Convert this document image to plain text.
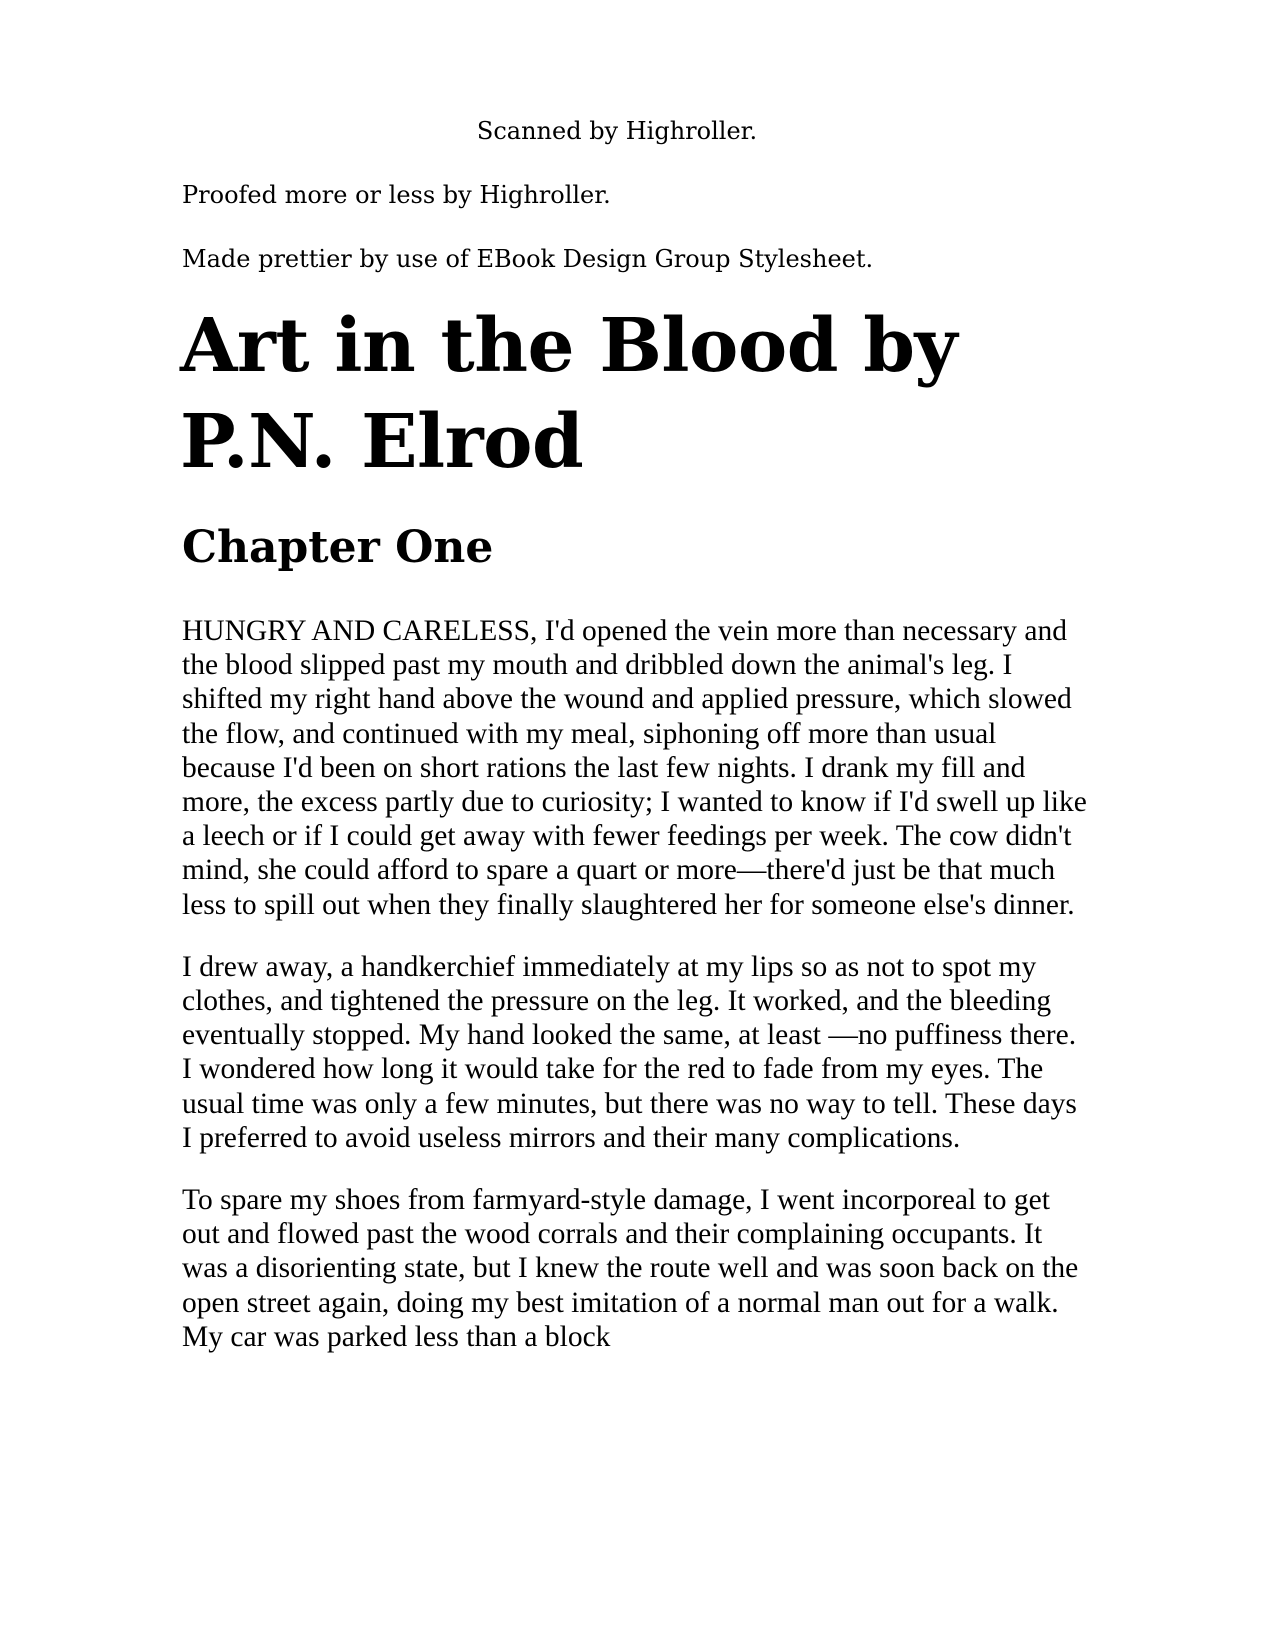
Scanned by Highroller.

Proofed more or less by Highroller.

Made prettier by use of EBook Design Group Stylesheet.

Art in the Blood by P.N. Elrod
Chapter One

HUNGRY AND CARELESS, I'd opened the vein more than necessary and the blood slipped past my mouth and dribbled down the animal's leg. I shifted my right hand above the wound and applied pressure, which slowed the flow, and continued with my meal, siphoning off more than usual because I'd been on short rations the last few nights. I drank my fill and more, the excess partly due to curiosity; I wanted to know if I'd swell up like a leech or if I could get away with fewer feedings per week. The cow didn't mind, she could afford to spare a quart or more—there'd just be that much less to spill out when they finally slaughtered her for someone else's dinner.

I drew away, a handkerchief immediately at my lips so as not to spot my clothes, and tightened the pressure on the leg. It worked, and the bleeding eventually stopped. My hand looked the same, at least —no puffiness there. I wondered how long it would take for the red to fade from my eyes. The usual time was only a few minutes, but there was no way to tell. These days I preferred to avoid useless mirrors and their many complications.

To spare my shoes from farmyard-style damage, I went incorporeal to get out and flowed past the wood corrals and their complaining occupants. It was a disorienting state, but I knew the route well and was soon back on the open street again, doing my best imitation of a normal man out for a walk. My car was parked less than a block
